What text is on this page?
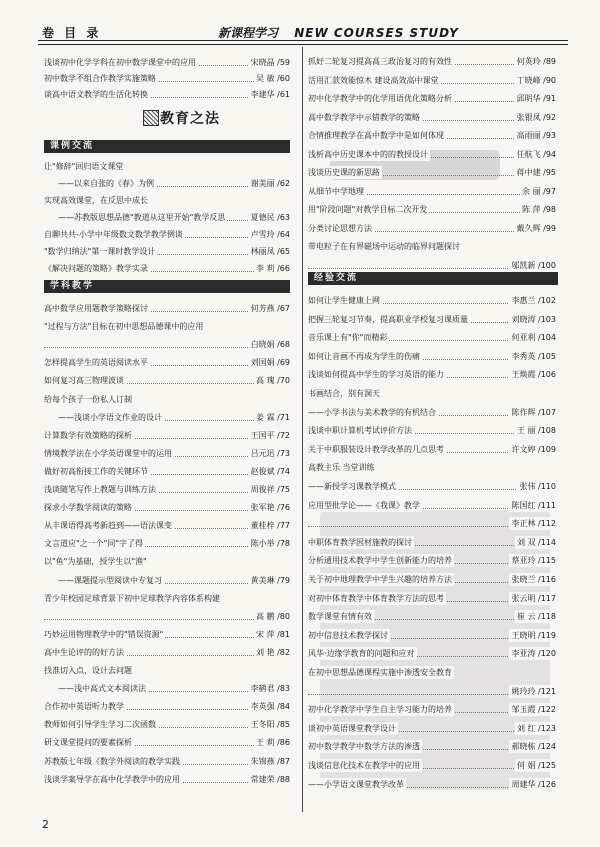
卷 目 录	新课程学习 NEW COURSES STUDY
浅谈初中化学学科在初中数学课堂中的应用	宋晓晶 /59
初中数学不组合作教学实施策略	吴 敏 /60
谈高中语文教学的生活化转换	李建华 /61
教育之法
课例交流
让"修辞"回归语文课堂
——以来自张的《春》为例	谢美丽 /62
实现高效课堂，在反思中成长
——苏教版思想品德"教道从这里开始"教学反思	夏德民 /63
自聊共共-小学中年级数文数学教学例谈	卢雪玲 /64
"数学归纳法"第一课时教学设计	林丽凤 /65
《解决问题的策略》教学实录	李 莉 /66
学科教学
高中数学应用题教学策略探讨	何芳燕 /67
"过程与方法"目标在初中思想品德课中的应用
白晓娟 /68
怎样提高学生的英语阅读水平	刘国娟 /69
如何复习高三物理波谈	高 瑰 /70
给每个孩子一份私人订制
——浅谈小学语文作业的设计	姜 霖 /71
计算数学有效策略的探析	王国平 /72
情境教学法在小学英语课堂中的运用	吕元迅 /73
做好初高衔接工作的关键环节	赵俊斌 /74
浅谈随笔写作上教题与训练方法	周俊祥 /75
探求小学数学阅读的策略	张军艳 /76
从丰课语得高考新趋到——语法课变	董桂梓 /77
文言道应"之一个"同"字了得	陈小举 /78
以"鱼"为基础，授学生以"渔"
——课题提示型阅读中专复习	黄美琳 /79
青少年校园足球背景下初中足球教学内容体系构建
高 鹏 /80
巧妙运用物理教学中的"错误资源"	宋 萍 /81
高中生论评的的好方法	刘 艳 /82
找准切入点，设计去问题
——浅中高式文本阅读法	李鹤君 /83
合作初中英语听力教学	李英强 /84
教师如何引导学生学习二次函数	王冬阳 /85
研文课堂提问的要素探析	王 莉 /86
苏教版七年级《数学外阅读的教学实践	朱锦燕 /87
浅谈学案导学在高中化学教学中的应用	常建荣 /88
抓好二轮复习提高高三政治复习的有效性	何英玲 /89
活用汇款效能惊木 建设高效高中课堂	丁晓峰 /90
初中化学教学中的化学用语优化策略分析	邱明华 /91
高中数学教学中示错教学的策略	张银凤 /92
合情推理教学在高中数学中是如何体现	高雨丽 /93
浅析高中历史课本中的的教授设计	任航飞 /94
浅谈历史课的新思路	蒋中建 /95
从细节中学地理	余 丽 /97
用"阶段问题"对教学目标二次开发	陈 萍 /98
分类讨论思想方法	戴久辉 /99
带电粒子在有界磁场中运动的临界问题探讨
邬凯新 /100
经验交流
如何让学生健康上网	李惠兰 /102
把握三轮复习节奏，提高职业学校复习课质量	刘晓涛 /103
音乐课上有"你"而精彩	何亚利 /104
如何让音画不再成为学生的伤痛	李秀英 /105
浅谈如何提高中学生的学习英语的能力	王焕霞 /106
书画结合，别有洞天
——小学书法与美术教学的有机结合	陈作辉 /107
浅谈中职计算机考试评价方法	王 丽 /108
关于中职服装设计教学改革的几点思考	许文婷 /109
高教主乐 当堂训练
——新授学习课教学模式	张伟 /110
应用型批学论——《我课》教学	陈国红 /111
李正林 /112
中职体育教学因材施教的探讨	刘 双 /114
分析通用技术教学中学生创新能力的培养	蔡亚玲 /115
关于初中地理教学中学生兴趣的培养方法	张晓兰 /116
对初中体育教学中体育教学方法的思考	张云明 /117
数学课堂有情有效	崔 云 /118
初中信息技术教学探讨	王晓明 /119
风华·边缘学教育的问题和应对	李亚涛 /120
在初中思想品德课程实施中渗透安全教育
姚玲玲 /121
初中化学教学中学生自主学习能力的培养	邹玉霞 /122
谈初中英语课堂教学设计	刘 红 /123
初中数学教学中数学方法的渗透	郝晓栋 /124
浅谈信息化技术在教学中的应用	何 娟 /125
——小学语文课堂教学改革	周建华 /126
2
